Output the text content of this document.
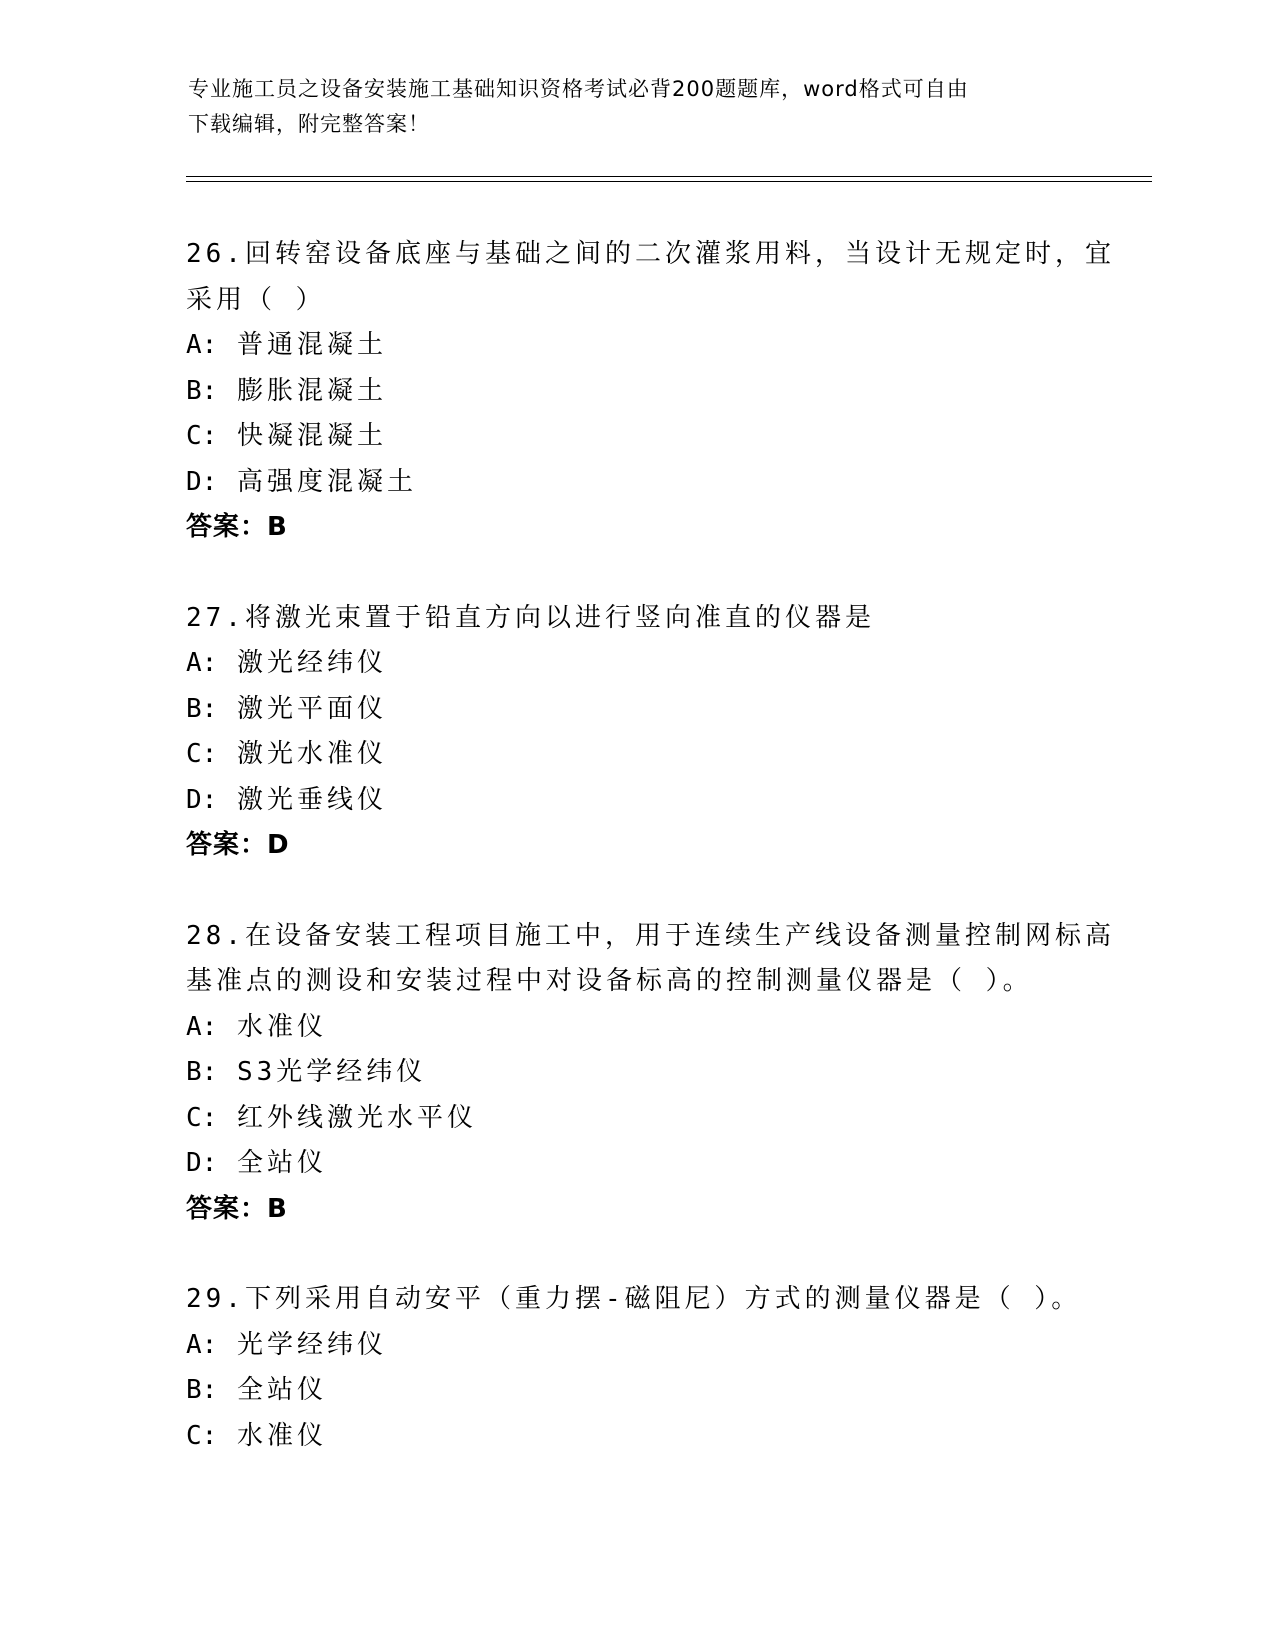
专业施工员之设备安装施工基础知识资格考试必背200题题库，word格式可自由
下载编辑，附完整答案！
26.回转窑设备底座与基础之间的二次灌浆用料，当设计无规定时，宜
采用（ ）
A: 普通混凝土
B: 膨胀混凝土
C: 快凝混凝土
D: 高强度混凝土
答案：B
27.将激光束置于铅直方向以进行竖向准直的仪器是
A: 激光经纬仪
B: 激光平面仪
C: 激光水准仪
D: 激光垂线仪
答案：D
28.在设备安装工程项目施工中，用于连续生产线设备测量控制网标高
基准点的测设和安装过程中对设备标高的控制测量仪器是（ ）。
A: 水准仪
B: S3光学经纬仪
C: 红外线激光水平仪
D: 全站仪
答案：B
29.下列采用自动安平（重力摆-磁阻尼）方式的测量仪器是（ ）。
A: 光学经纬仪
B: 全站仪
C: 水准仪
